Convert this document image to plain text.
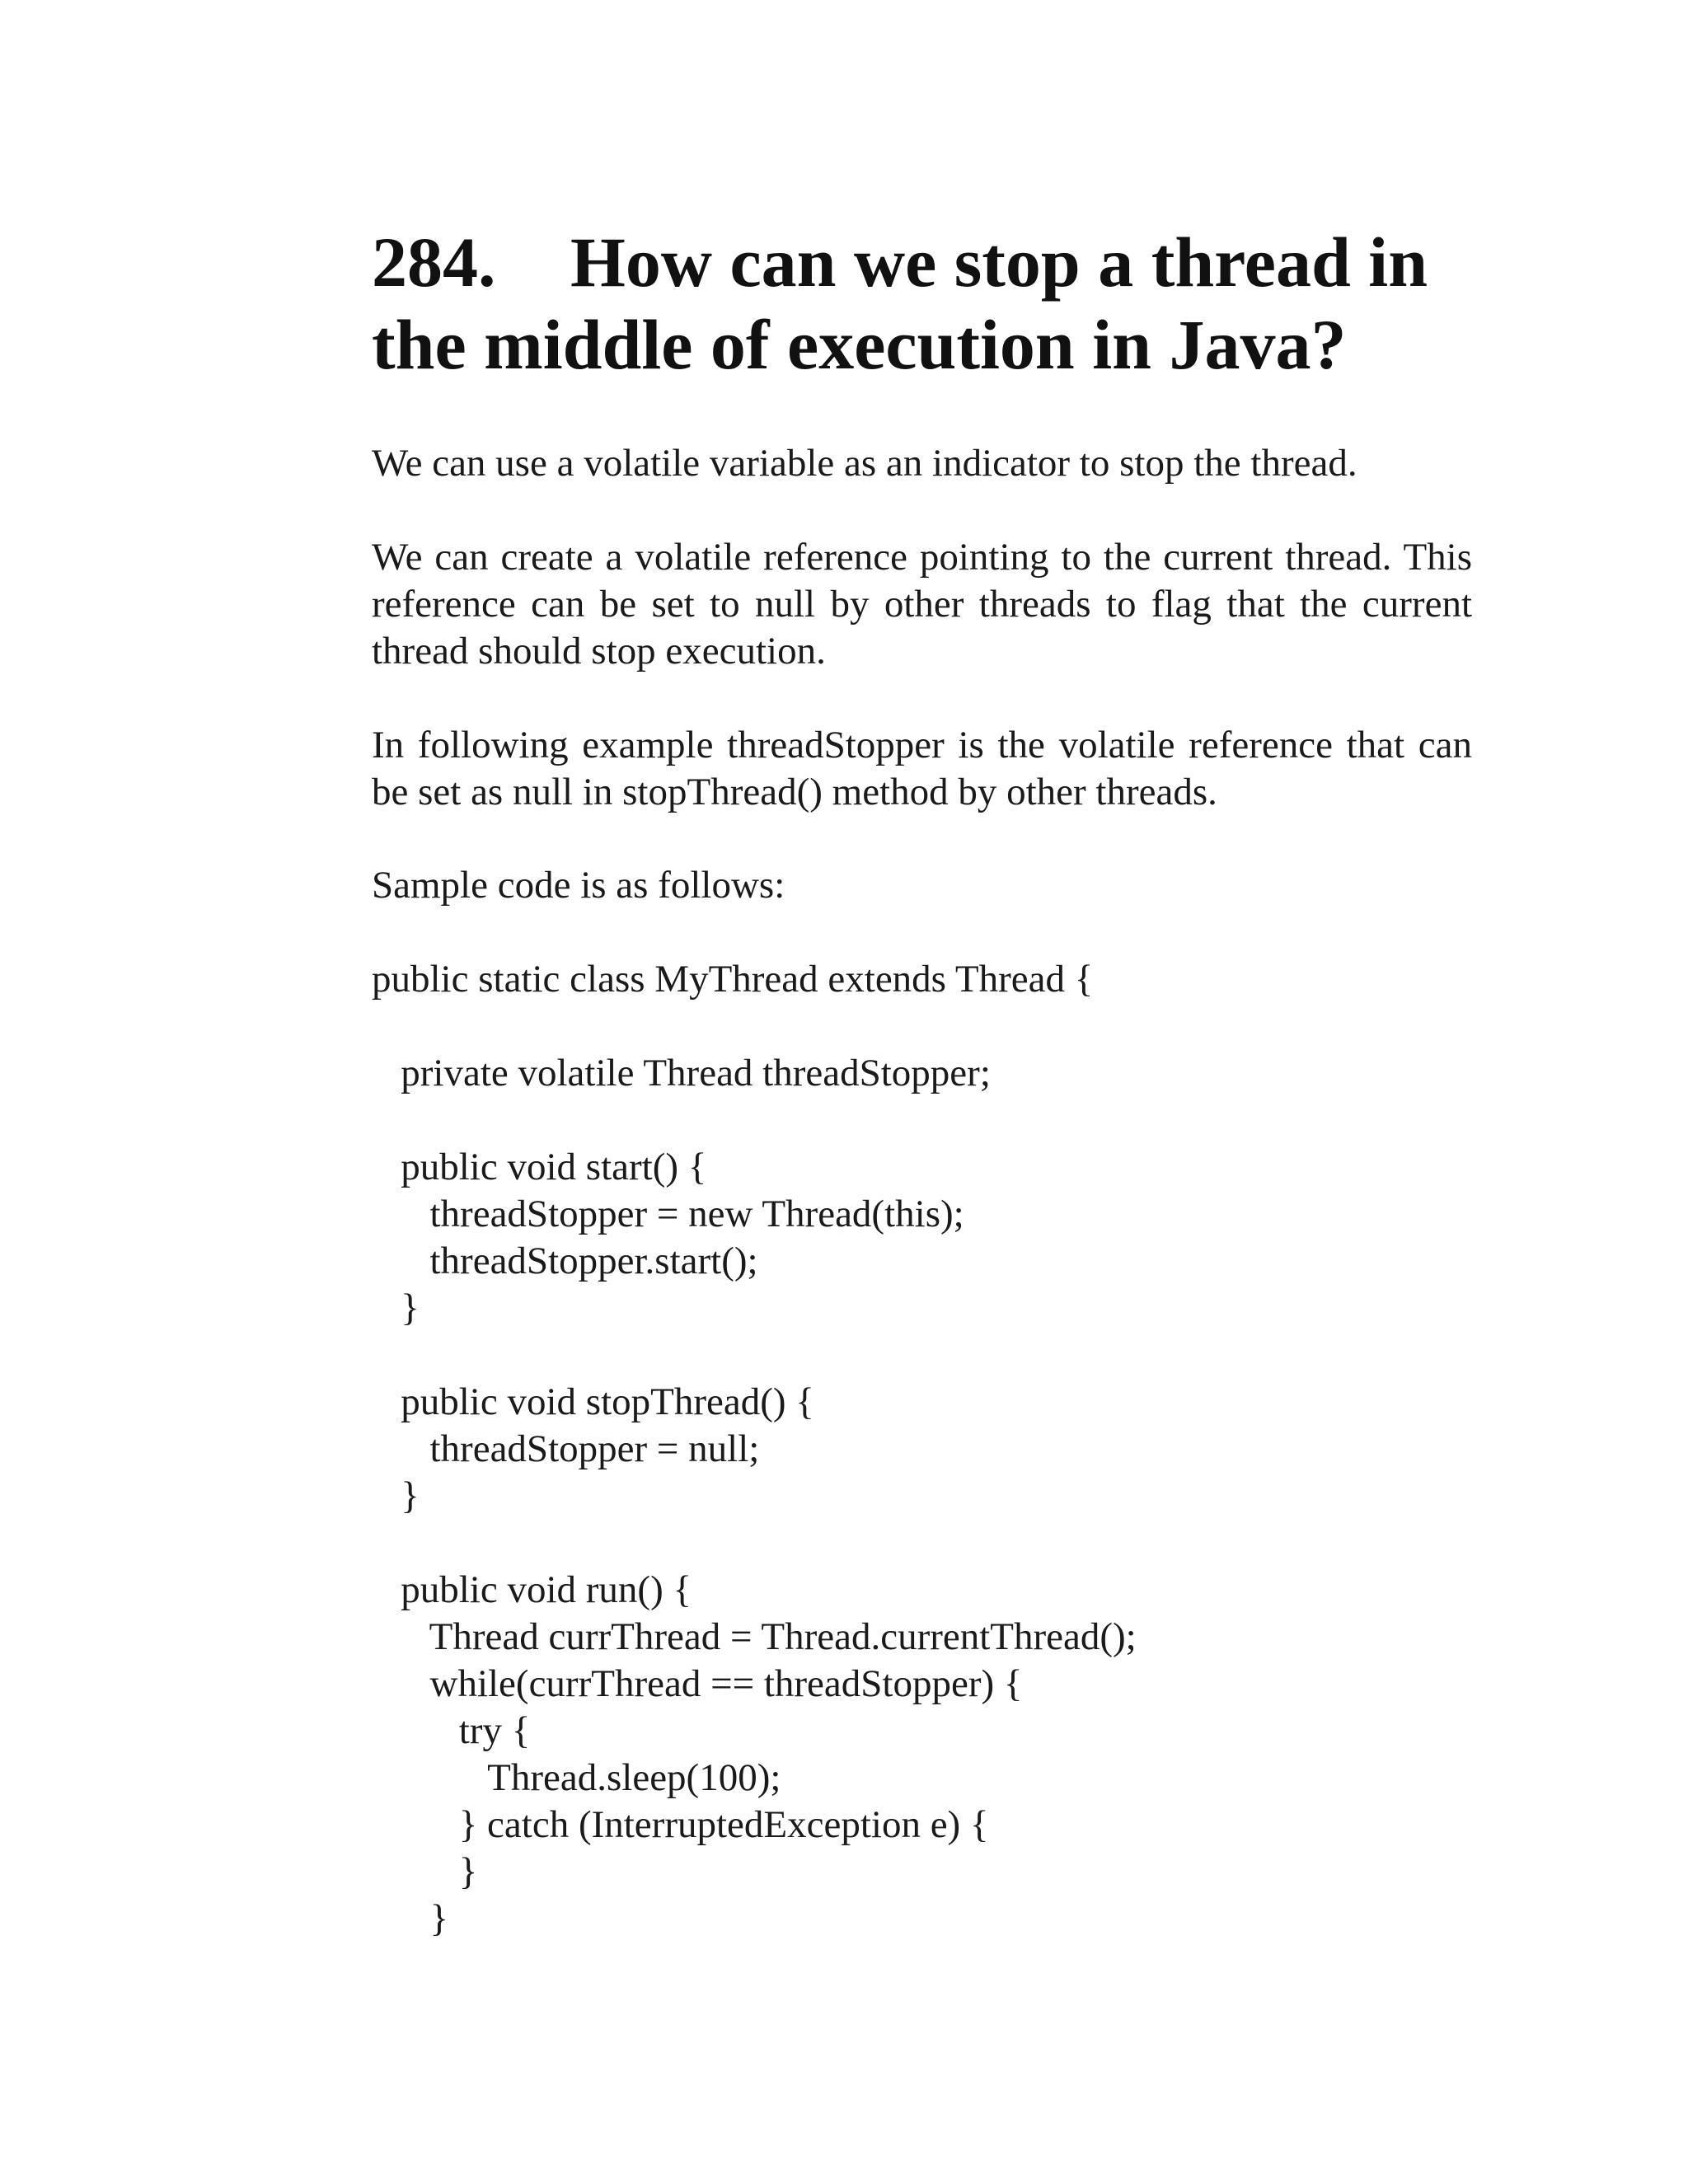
284. How can we stop a thread in
the middle of execution in Java?

We can use a volatile variable as an indicator to stop the thread.

We can create a volatile reference pointing to the current thread. This reference can be set to null by other threads to flag that the current thread should stop execution.

In following example threadStopper is the volatile reference that can be set as null in stopThread() method by other threads.

Sample code is as follows:

public static class MyThread extends Thread {
private volatile Thread threadStopper;
public void start() {
threadStopper = new Thread(this);
threadStopper.start();
}
public void stopThread() {
threadStopper = null;
}
public void run() {
Thread currThread = Thread.currentThread();
while(currThread == threadStopper) {
try {
Thread.sleep(100);
} catch (InterruptedException e) {
}
}
